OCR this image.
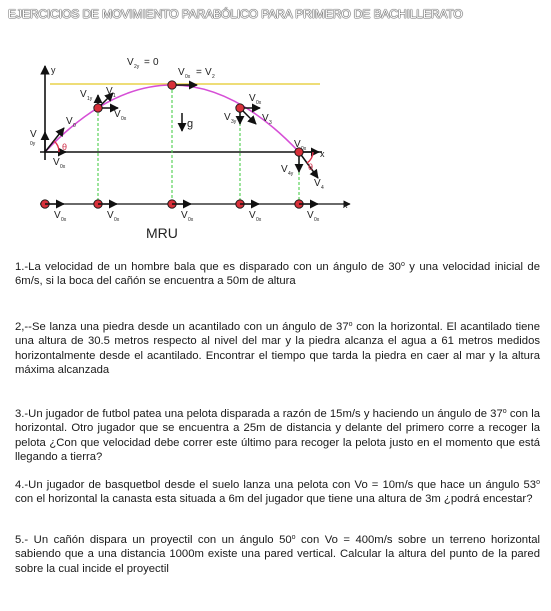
EJERCICIOS DE MOVIMIENTO PARABÓLICO PARA PRIMERO DE BACHILLERATO
y
x
x
V 2y = 0
V 0x = V 2
V 1y
V 1
V 0x
V 0
V
0y	θ
V 0x
g
V 0x
V 3y	V 3
V 0x
V 4y
θ
V 4
V 0x	V 0x	V 0x	V 0x	V 0x
MRU

1.-La velocidad de un hombre bala que es disparado con un ángulo de 30$^o$ y una velocidad inicial de 6m/s, si la boca del cañón se encuentra a 50m de altura

2,--Se lanza una piedra desde un acantilado con un ángulo de 37$^o$ con la horizontal. El acantilado tiene una altura de 30.5 metros respecto al nivel del mar y la piedra alcanza el agua a 61 metros medidos horizontalmente desde el acantilado. Encontrar el tiempo que tarda la piedra en caer al mar y la altura máxima alcanzada

3.-Un jugador de futbol patea una pelota disparada a razón de 15m/s y haciendo un ángulo de 37$^o$ con la horizontal. Otro jugador que se encuentra a 25m de distancia y delante del primero corre a recoger la pelota ¿Con que velocidad debe correr este último para recoger la pelota justo en el momento que está llegando a tierra?

4.-Un jugador de basquetbol desde el suelo lanza una pelota con Vo = 10m/s que hace un ángulo 53$^o$ con el horizontal la canasta esta situada a 6m del jugador que tiene una altura de 3m ¿podrá encestar?

5.- Un cañón dispara un proyectil con un ángulo 50$^o$ con Vo = 400m/s sobre un terreno horizontal sabiendo que a una distancia 1000m existe una pared vertical. Calcular la altura del punto de la pared sobre la cual incide el proyectil
